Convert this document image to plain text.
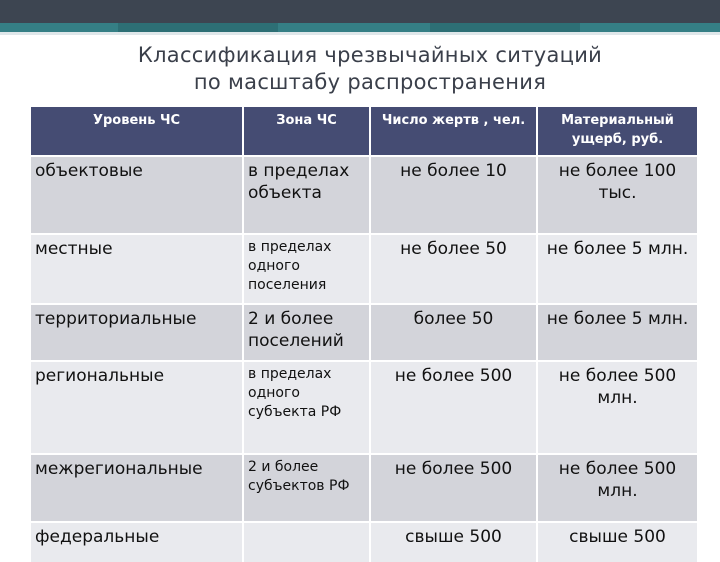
Классификация чрезвычайных ситуаций
по масштабу распространения
Уровень ЧС	Зона ЧС	Число жертв , чел.	Материальный ущерб, руб.
объектовые	в пределах объекта	не более 10	не более 100 тыс.
местные	в пределах одного поселения	не более 50	не более 5 млн.
территориальные	2 и более поселений	более 50	не более 5 млн.
региональные	в пределах одного субъекта РФ	не более 500	не более 500 млн.
межрегиональные	2 и более субъектов РФ	не более 500	не более 500 млн.
федеральные		свыше 500	свыше 500
